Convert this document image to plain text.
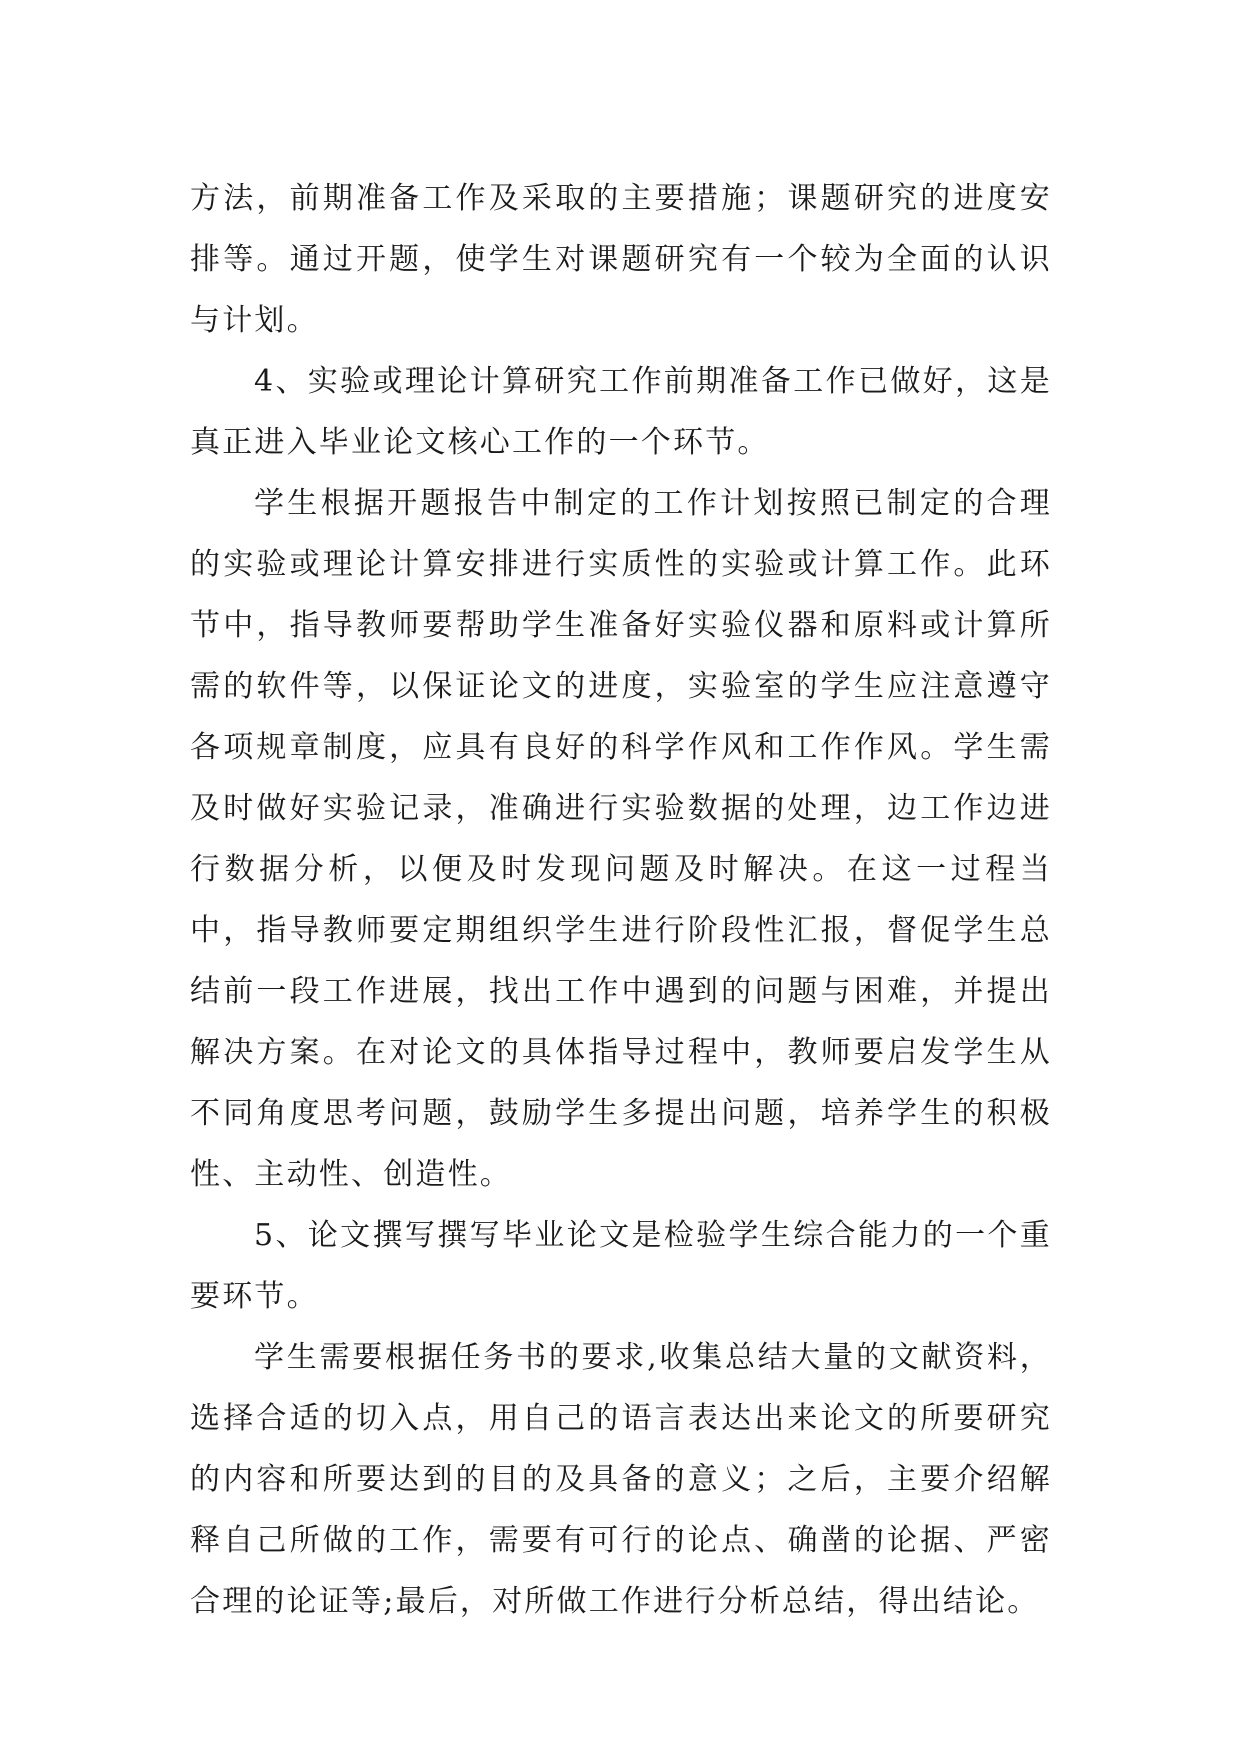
方法，前期准备工作及采取的主要措施；课题研究的进度安排等。通过开题，使学生对课题研究有一个较为全面的认识与计划。

4、实验或理论计算研究工作前期准备工作已做好，这是真正进入毕业论文核心工作的一个环节。

学生根据开题报告中制定的工作计划按照已制定的合理的实验或理论计算安排进行实质性的实验或计算工作。此环节中，指导教师要帮助学生准备好实验仪器和原料或计算所需的软件等，以保证论文的进度，实验室的学生应注意遵守各项规章制度，应具有良好的科学作风和工作作风。学生需及时做好实验记录，准确进行实验数据的处理，边工作边进行数据分析，以便及时发现问题及时解决。在这一过程当中，指导教师要定期组织学生进行阶段性汇报，督促学生总结前一段工作进展，找出工作中遇到的问题与困难，并提出解决方案。在对论文的具体指导过程中，教师要启发学生从不同角度思考问题，鼓励学生多提出问题，培养学生的积极性、主动性、创造性。

5、论文撰写撰写毕业论文是检验学生综合能力的一个重要环节。

学生需要根据任务书的要求,收集总结大量的文献资料，选择合适的切入点，用自己的语言表达出来论文的所要研究的内容和所要达到的目的及具备的意义；之后，主要介绍解释自己所做的工作，需要有可行的论点、确凿的论据、严密合理的论证等;最后，对所做工作进行分析总结，得出结论。
